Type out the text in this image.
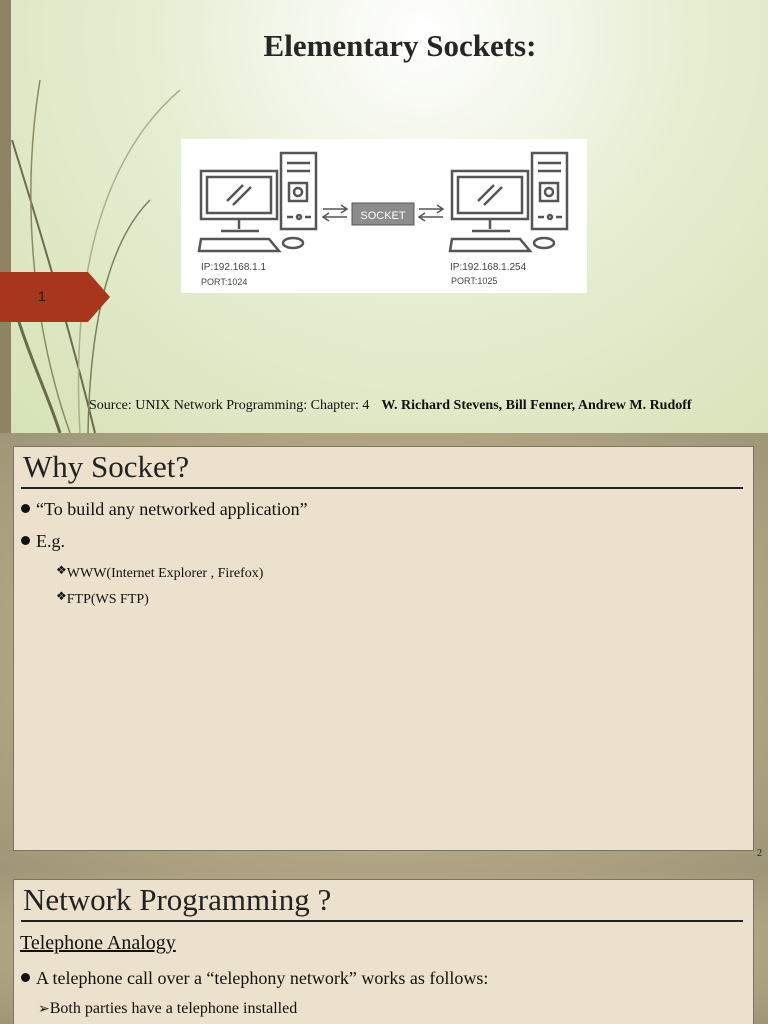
Elementary Sockets:
SOCKET
IP:192.168.1.1
PORT:1024
IP:192.168.1.254
PORT:1025
1
Source: UNIX Network Programming: Chapter: 4 W. Richard Stevens, Bill Fenner, Andrew M. Rudoff
Why Socket?
“To build any networked application”
E.g.
❖WWW(Internet Explorer , Firefox)
❖FTP(WS FTP)
2
Network Programming ?
Telephone Analogy
A telephone call over a “telephony network” works as follows:
➢Both parties have a telephone installed
